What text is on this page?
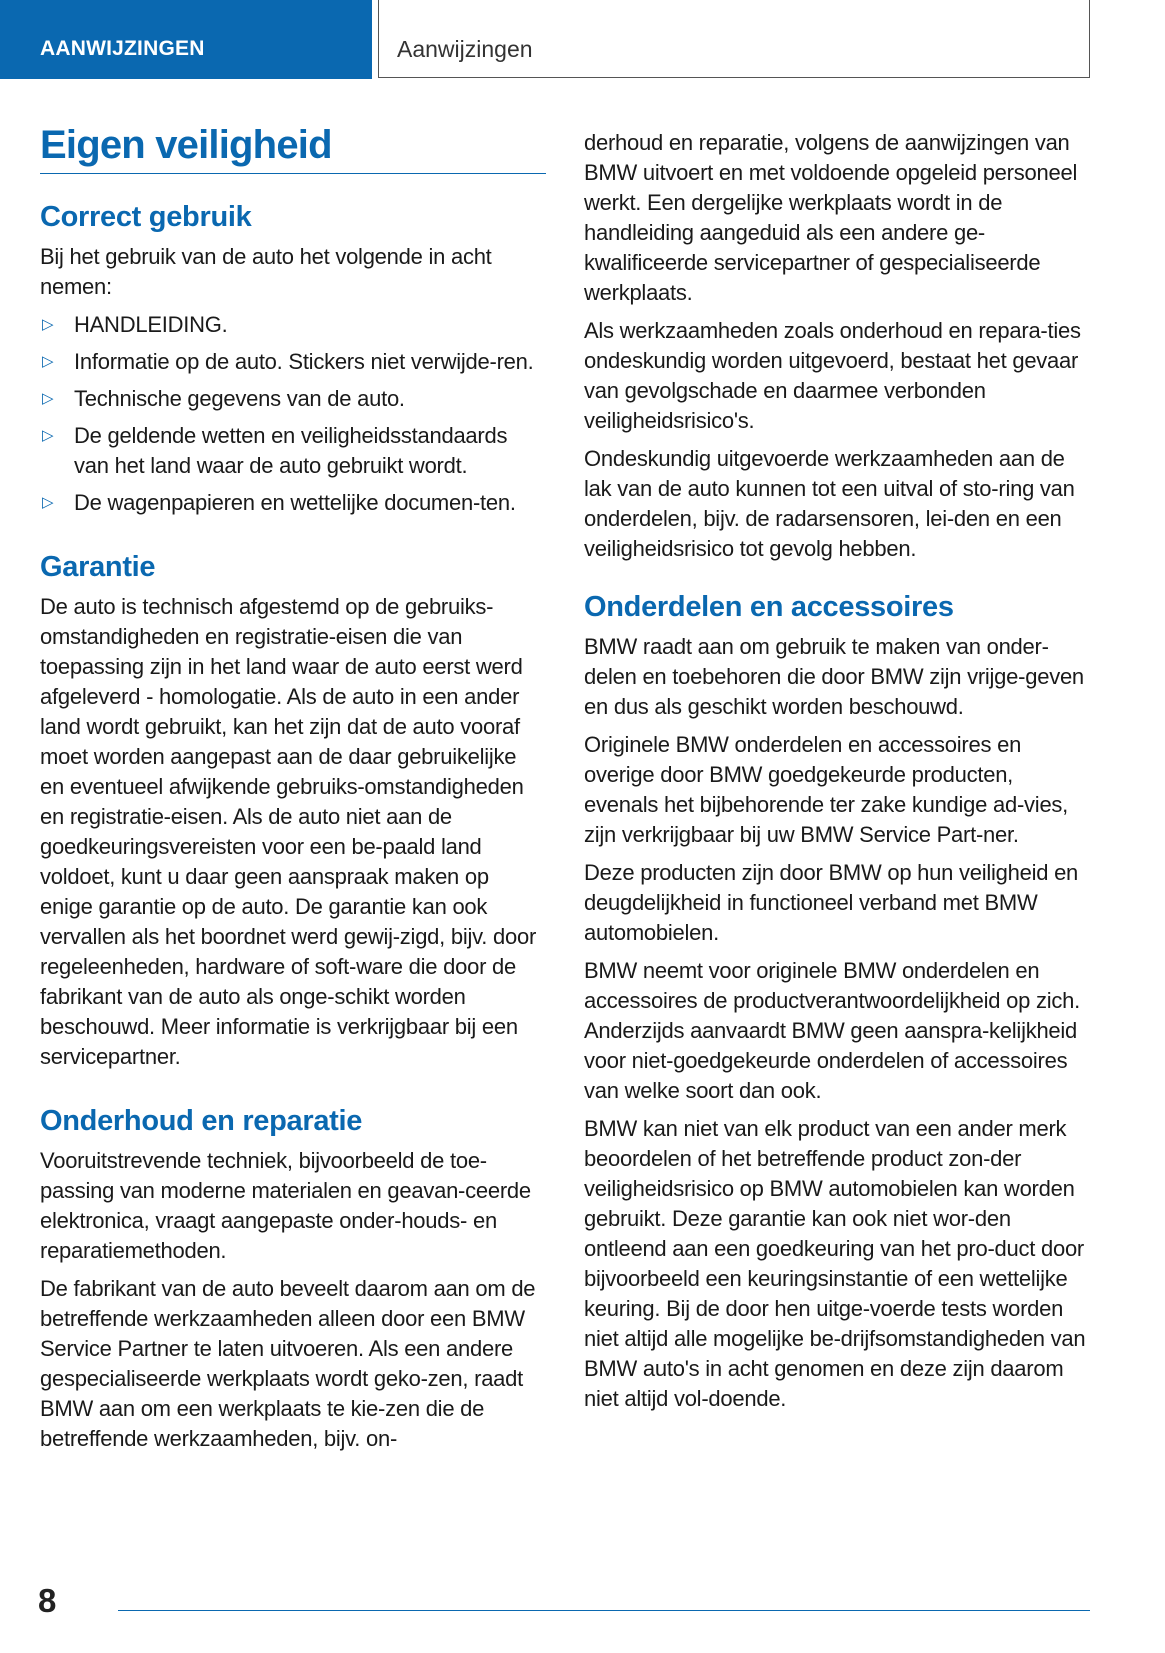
AANWIJZINGEN	Aanwijzingen
Eigen veiligheid
Correct gebruik

Bij het gebruik van de auto het volgende in acht nemen:

▷ HANDLEIDING.
▷ Informatie op de auto. Stickers niet verwijde-ren.
▷ Technische gegevens van de auto.
▷ De geldende wetten en veiligheidsstandaards van het land waar de auto gebruikt wordt.
▷ De wagenpapieren en wettelijke documen-ten.
Garantie

De auto is technisch afgestemd op de gebruiks-omstandigheden en registratie-eisen die van toepassing zijn in het land waar de auto eerst werd afgeleverd - homologatie. Als de auto in een ander land wordt gebruikt, kan het zijn dat de auto vooraf moet worden aangepast aan de daar gebruikelijke en eventueel afwijkende gebruiks-omstandigheden en registratie-eisen. Als de auto niet aan de goedkeuringsvereisten voor een be-paald land voldoet, kunt u daar geen aanspraak maken op enige garantie op de auto. De garantie kan ook vervallen als het boordnet werd gewij-zigd, bijv. door regeleenheden, hardware of soft-ware die door de fabrikant van de auto als onge-schikt worden beschouwd. Meer informatie is verkrijgbaar bij een servicepartner.

Onderhoud en reparatie

Vooruitstrevende techniek, bijvoorbeeld de toe-passing van moderne materialen en geavan-ceerde elektronica, vraagt aangepaste onder-houds- en reparatiemethoden.

De fabrikant van de auto beveelt daarom aan om de betreffende werkzaamheden alleen door een BMW Service Partner te laten uitvoeren. Als een andere gespecialiseerde werkplaats wordt geko-zen, raadt BMW aan om een werkplaats te kie-zen die de betreffende werkzaamheden, bijv. on-

derhoud en reparatie, volgens de aanwijzingen van BMW uitvoert en met voldoende opgeleid personeel werkt. Een dergelijke werkplaats wordt in de handleiding aangeduid als een andere ge-kwalificeerde servicepartner of gespecialiseerde werkplaats.

Als werkzaamheden zoals onderhoud en repara-ties ondeskundig worden uitgevoerd, bestaat het gevaar van gevolgschade en daarmee verbonden veiligheidsrisico's.

Ondeskundig uitgevoerde werkzaamheden aan de lak van de auto kunnen tot een uitval of sto-ring van onderdelen, bijv. de radarsensoren, lei-den en een veiligheidsrisico tot gevolg hebben.

Onderdelen en accessoires

BMW raadt aan om gebruik te maken van onder-delen en toebehoren die door BMW zijn vrijge-geven en dus als geschikt worden beschouwd.

Originele BMW onderdelen en accessoires en overige door BMW goedgekeurde producten, evenals het bijbehorende ter zake kundige ad-vies, zijn verkrijgbaar bij uw BMW Service Part-ner.

Deze producten zijn door BMW op hun veiligheid en deugdelijkheid in functioneel verband met BMW automobielen.

BMW neemt voor originele BMW onderdelen en accessoires de productverantwoordelijkheid op zich. Anderzijds aanvaardt BMW geen aanspra-kelijkheid voor niet-goedgekeurde onderdelen of accessoires van welke soort dan ook.

BMW kan niet van elk product van een ander merk beoordelen of het betreffende product zon-der veiligheidsrisico op BMW automobielen kan worden gebruikt. Deze garantie kan ook niet wor-den ontleend aan een goedkeuring van het pro-duct door bijvoorbeeld een keuringsinstantie of een wettelijke keuring. Bij de door hen uitge-voerde tests worden niet altijd alle mogelijke be-drijfsomstandigheden van BMW auto's in acht genomen en deze zijn daarom niet altijd vol-doende.

8
